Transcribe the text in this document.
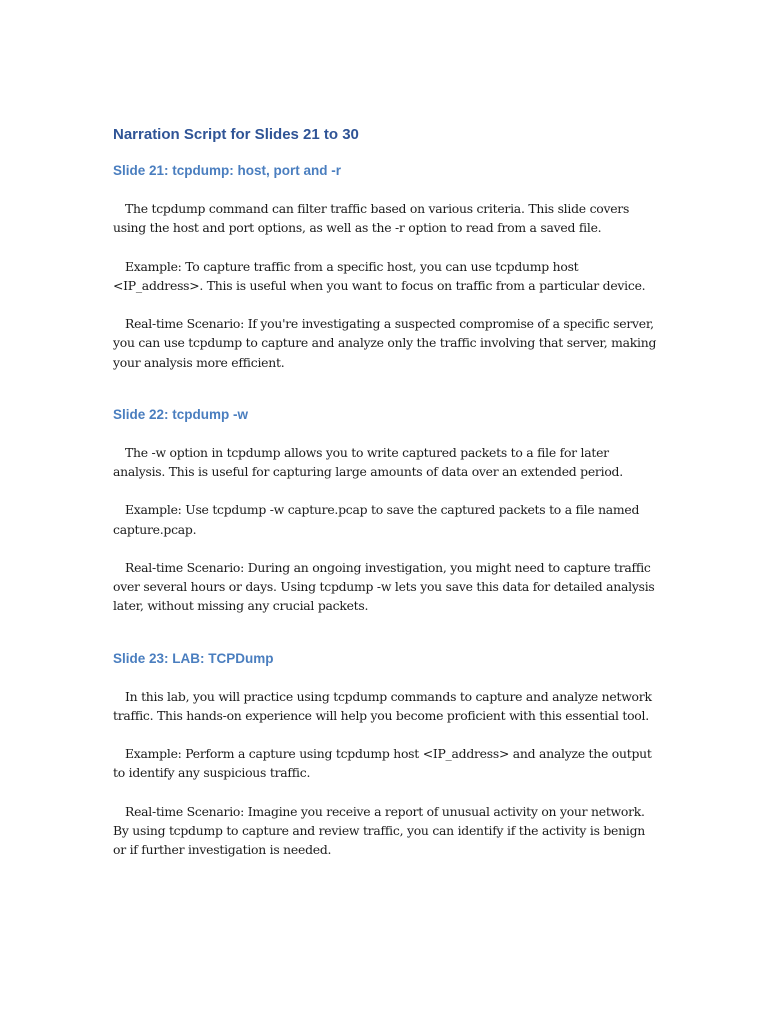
Narration Script for Slides 21 to 30
Slide 21: tcpdump: host, port and -r

The tcpdump command can filter traffic based on various criteria. This slide covers using the host and port options, as well as the -r option to read from a saved file.

Example: To capture traffic from a specific host, you can use tcpdump host <IP_address>. This is useful when you want to focus on traffic from a particular device.

Real-time Scenario: If you're investigating a suspected compromise of a specific server, you can use tcpdump to capture and analyze only the traffic involving that server, making your analysis more efficient.

Slide 22: tcpdump -w

The -w option in tcpdump allows you to write captured packets to a file for later analysis. This is useful for capturing large amounts of data over an extended period.

Example: Use tcpdump -w capture.pcap to save the captured packets to a file named capture.pcap.

Real-time Scenario: During an ongoing investigation, you might need to capture traffic over several hours or days. Using tcpdump -w lets you save this data for detailed analysis later, without missing any crucial packets.

Slide 23: LAB: TCPDump

In this lab, you will practice using tcpdump commands to capture and analyze network traffic. This hands-on experience will help you become proficient with this essential tool.

Example: Perform a capture using tcpdump host <IP_address> and analyze the output to identify any suspicious traffic.

Real-time Scenario: Imagine you receive a report of unusual activity on your network. By using tcpdump to capture and review traffic, you can identify if the activity is benign or if further investigation is needed.
